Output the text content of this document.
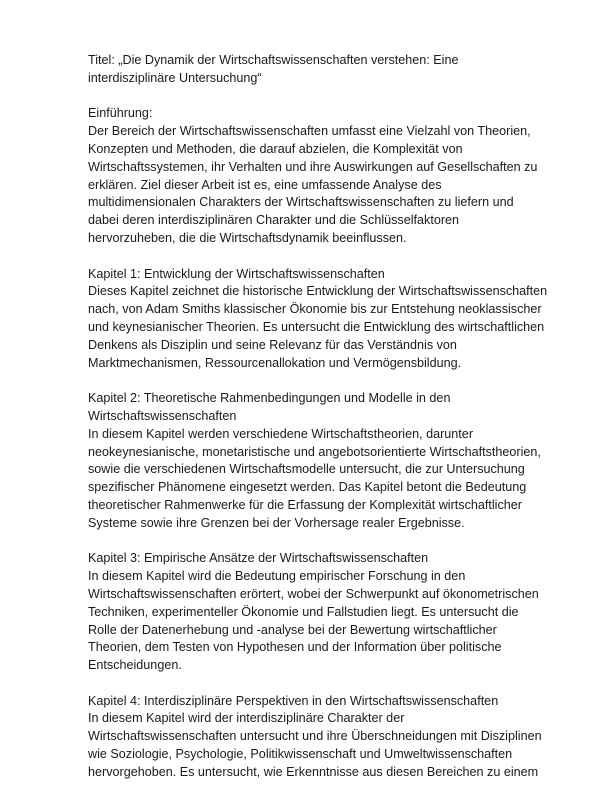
Titel: „Die Dynamik der Wirtschaftswissenschaften verstehen: Eine
interdisziplinäre Untersuchung“
Einführung:
Der Bereich der Wirtschaftswissenschaften umfasst eine Vielzahl von Theorien,
Konzepten und Methoden, die darauf abzielen, die Komplexität von
Wirtschaftssystemen, ihr Verhalten und ihre Auswirkungen auf Gesellschaften zu
erklären. Ziel dieser Arbeit ist es, eine umfassende Analyse des
multidimensionalen Charakters der Wirtschaftswissenschaften zu liefern und
dabei deren interdisziplinären Charakter und die Schlüsselfaktoren
hervorzuheben, die die Wirtschaftsdynamik beeinflussen.
Kapitel 1: Entwicklung der Wirtschaftswissenschaften
Dieses Kapitel zeichnet die historische Entwicklung der Wirtschaftswissenschaften
nach, von Adam Smiths klassischer Ökonomie bis zur Entstehung neoklassischer
und keynesianischer Theorien. Es untersucht die Entwicklung des wirtschaftlichen
Denkens als Disziplin und seine Relevanz für das Verständnis von
Marktmechanismen, Ressourcenallokation und Vermögensbildung.
Kapitel 2: Theoretische Rahmenbedingungen und Modelle in den
Wirtschaftswissenschaften
In diesem Kapitel werden verschiedene Wirtschaftstheorien, darunter
neokeynesianische, monetaristische und angebotsorientierte Wirtschaftstheorien,
sowie die verschiedenen Wirtschaftsmodelle untersucht, die zur Untersuchung
spezifischer Phänomene eingesetzt werden. Das Kapitel betont die Bedeutung
theoretischer Rahmenwerke für die Erfassung der Komplexität wirtschaftlicher
Systeme sowie ihre Grenzen bei der Vorhersage realer Ergebnisse.
Kapitel 3: Empirische Ansätze der Wirtschaftswissenschaften
In diesem Kapitel wird die Bedeutung empirischer Forschung in den
Wirtschaftswissenschaften erörtert, wobei der Schwerpunkt auf ökonometrischen
Techniken, experimenteller Ökonomie und Fallstudien liegt. Es untersucht die
Rolle der Datenerhebung und -analyse bei der Bewertung wirtschaftlicher
Theorien, dem Testen von Hypothesen und der Information über politische
Entscheidungen.
Kapitel 4: Interdisziplinäre Perspektiven in den Wirtschaftswissenschaften
In diesem Kapitel wird der interdisziplinäre Charakter der
Wirtschaftswissenschaften untersucht und ihre Überschneidungen mit Disziplinen
wie Soziologie, Psychologie, Politikwissenschaft und Umweltwissenschaften
hervorgehoben. Es untersucht, wie Erkenntnisse aus diesen Bereichen zu einem
